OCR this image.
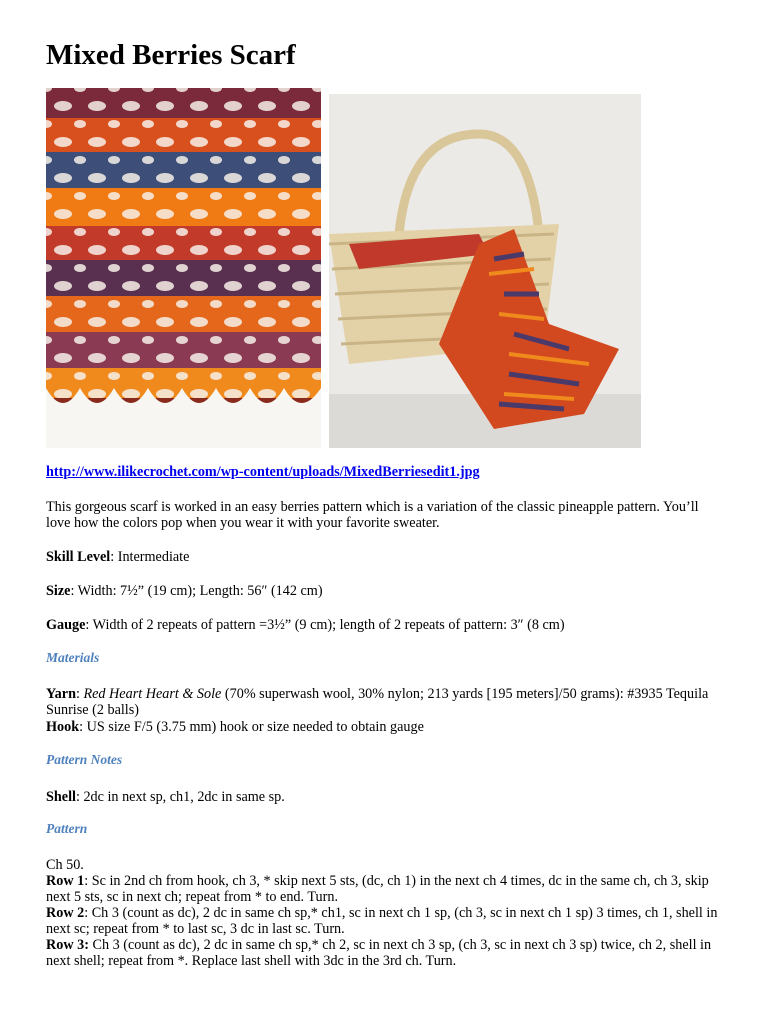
Mixed Berries Scarf
http://www.ilikecrochet.com/wp-content/uploads/MixedBerriesedit1.jpg
This gorgeous scarf is worked in an easy berries pattern which is a variation of the classic pineapple pattern. You’ll love how the colors pop when you wear it with your favorite sweater.
Skill Level: Intermediate
Size: Width: 7½” (19 cm); Length: 56″ (142 cm)
Gauge: Width of 2 repeats of pattern =3½” (9 cm); length of 2 repeats of pattern: 3″ (8 cm)
Materials
Yarn: Red Heart Heart & Sole (70% superwash wool, 30% nylon; 213 yards [195 meters]/50 grams): #3935 Tequila Sunrise (2 balls)
Hook: US size F/5 (3.75 mm) hook or size needed to obtain gauge
Pattern Notes
Shell: 2dc in next sp, ch1, 2dc in same sp.
Pattern
Ch 50.
Row 1: Sc in 2nd ch from hook, ch 3, * skip next 5 sts, (dc, ch 1) in the next ch 4 times, dc in the same ch, ch 3, skip next 5 sts, sc in next ch; repeat from * to end. Turn.
Row 2: Ch 3 (count as dc), 2 dc in same ch sp,* ch1, sc in next ch 1 sp, (ch 3, sc in next ch 1 sp) 3 times, ch 1, shell in next sc; repeat from * to last sc, 3 dc in last sc. Turn.
Row 3: Ch 3 (count as dc), 2 dc in same ch sp,* ch 2, sc in next ch 3 sp, (ch 3, sc in next ch 3 sp) twice, ch 2, shell in next shell; repeat from *. Replace last shell with 3dc in the 3rd ch. Turn.
